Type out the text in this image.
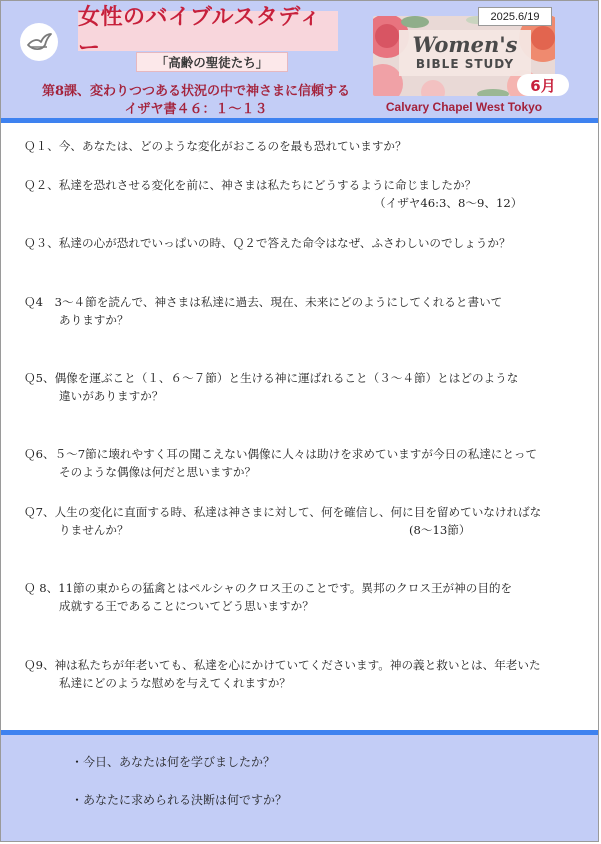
女性のバイブルスタディー
「高齢の聖徒たち」
第8課、変わりつつある状況の中で神さまに信頼する
イザヤ書４６：１〜１３
Women's
BIBLE STUDY
2025.6/19
6月
Calvary Chapel West Tokyo
Ｑ１、今、あなたは、どのような変化がおこるのを最も恐れていますか？
Ｑ２、私達を恐れさせる変化を前に、神さまは私たちにどうするように命じましたか？
（イザヤ46:3、8〜9、12）
Ｑ３、私達の心が恐れでいっぱいの時、Ｑ２で答えた命令はなぜ、ふさわしいのでしょうか？
Ｑ4　3〜４節を読んで、神さまは私達に過去、現在、未来にどのようにしてくれると書いて
ありますか？
Ｑ5、偶像を運ぶこと（１、６〜７節）と生ける神に運ばれること（３〜４節）とはどのような
違いがありますか？
Ｑ6、５〜7節に壊れやすく耳の聞こえない偶像に人々は助けを求めていますが今日の私達にとって
そのような偶像は何だと思いますか？
Ｑ7、人生の変化に直面する時、私達は神さまに対して、何を確信し、何に目を留めていなければな
りませんか？	(8〜13節）
Ｑ 8、11節の東からの猛禽とはペルシャのクロス王のことです。異邦のクロス王が神の目的を
成就する王であることについてどう思いますか？
Ｑ9、神は私たちが年老いても、私達を心にかけていてくださいます。神の義と救いとは、年老いた
私達にどのような慰めを与えてくれますか？
・今日、あなたは何を学びましたか？
・あなたに求められる決断は何ですか？
